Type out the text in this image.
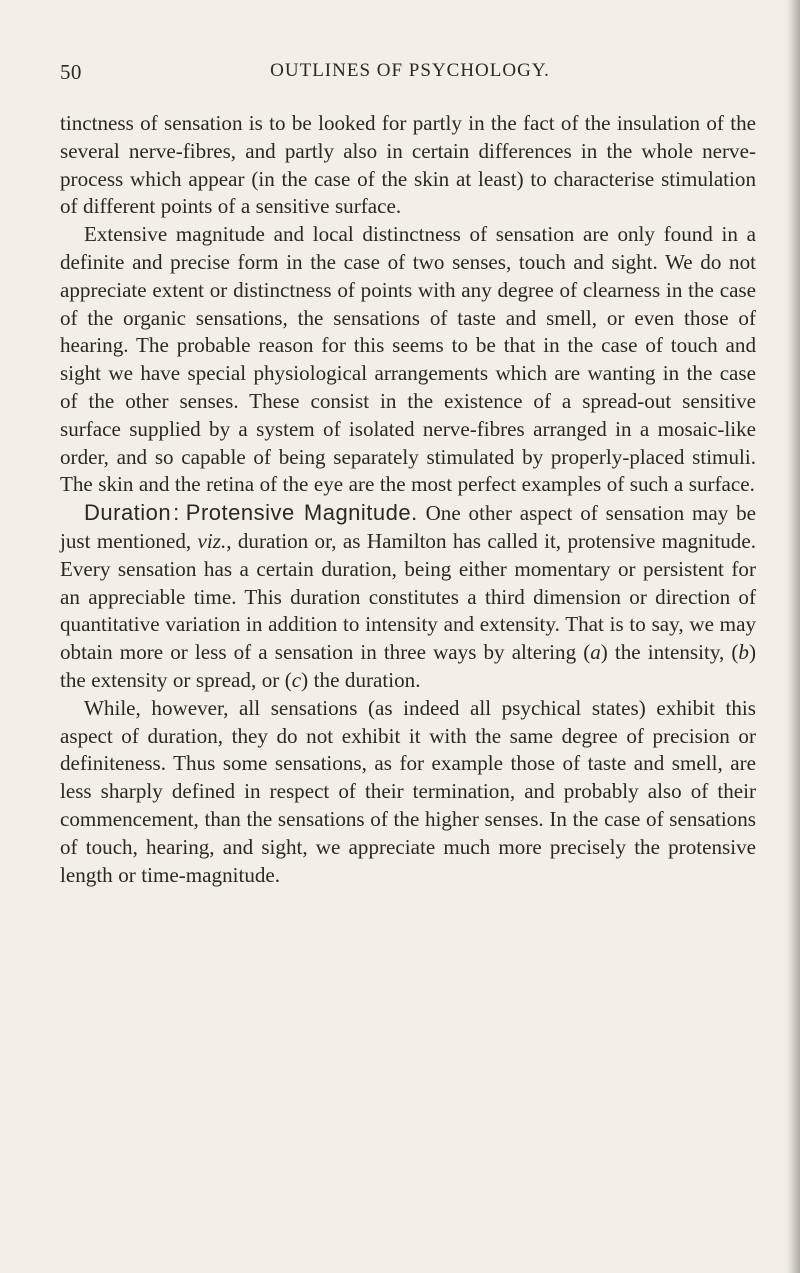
50	OUTLINES OF PSYCHOLOGY.

tinctness of sensation is to be looked for partly in the fact of the insulation of the several nerve-fibres, and partly also in certain differences in the whole nerve-process which appear (in the case of the skin at least) to characterise stimulation of different points of a sensitive surface.

Extensive magnitude and local distinctness of sensation are only found in a definite and precise form in the case of two senses, touch and sight. We do not appreciate extent or distinctness of points with any degree of clearness in the case of the organic sensations, the sensations of taste and smell, or even those of hearing. The probable reason for this seems to be that in the case of touch and sight we have special physiological arrangements which are wanting in the case of the other senses. These consist in the existence of a spread-out sensitive surface supplied by a system of isolated nerve-fibres arranged in a mosaic-like order, and so capable of being separately stimulated by properly-placed stimuli. The skin and the retina of the eye are the most perfect examples of such a surface.

Duration: Protensive Magnitude. One other aspect of sensation may be just mentioned, viz., duration or, as Hamilton has called it, protensive magnitude. Every sensation has a certain duration, being either momentary or persistent for an appreciable time. This duration constitutes a third dimension or direction of quantitative variation in addition to intensity and extensity. That is to say, we may obtain more or less of a sensation in three ways by altering (a) the intensity, (b) the extensity or spread, or (c) the duration.

While, however, all sensations (as indeed all psychical states) exhibit this aspect of duration, they do not exhibit it with the same degree of precision or definiteness. Thus some sensations, as for example those of taste and smell, are less sharply defined in respect of their termination, and probably also of their commencement, than the sensations of the higher senses. In the case of sensations of touch, hearing, and sight, we appreciate much more precisely the protensive length or time-magnitude.
